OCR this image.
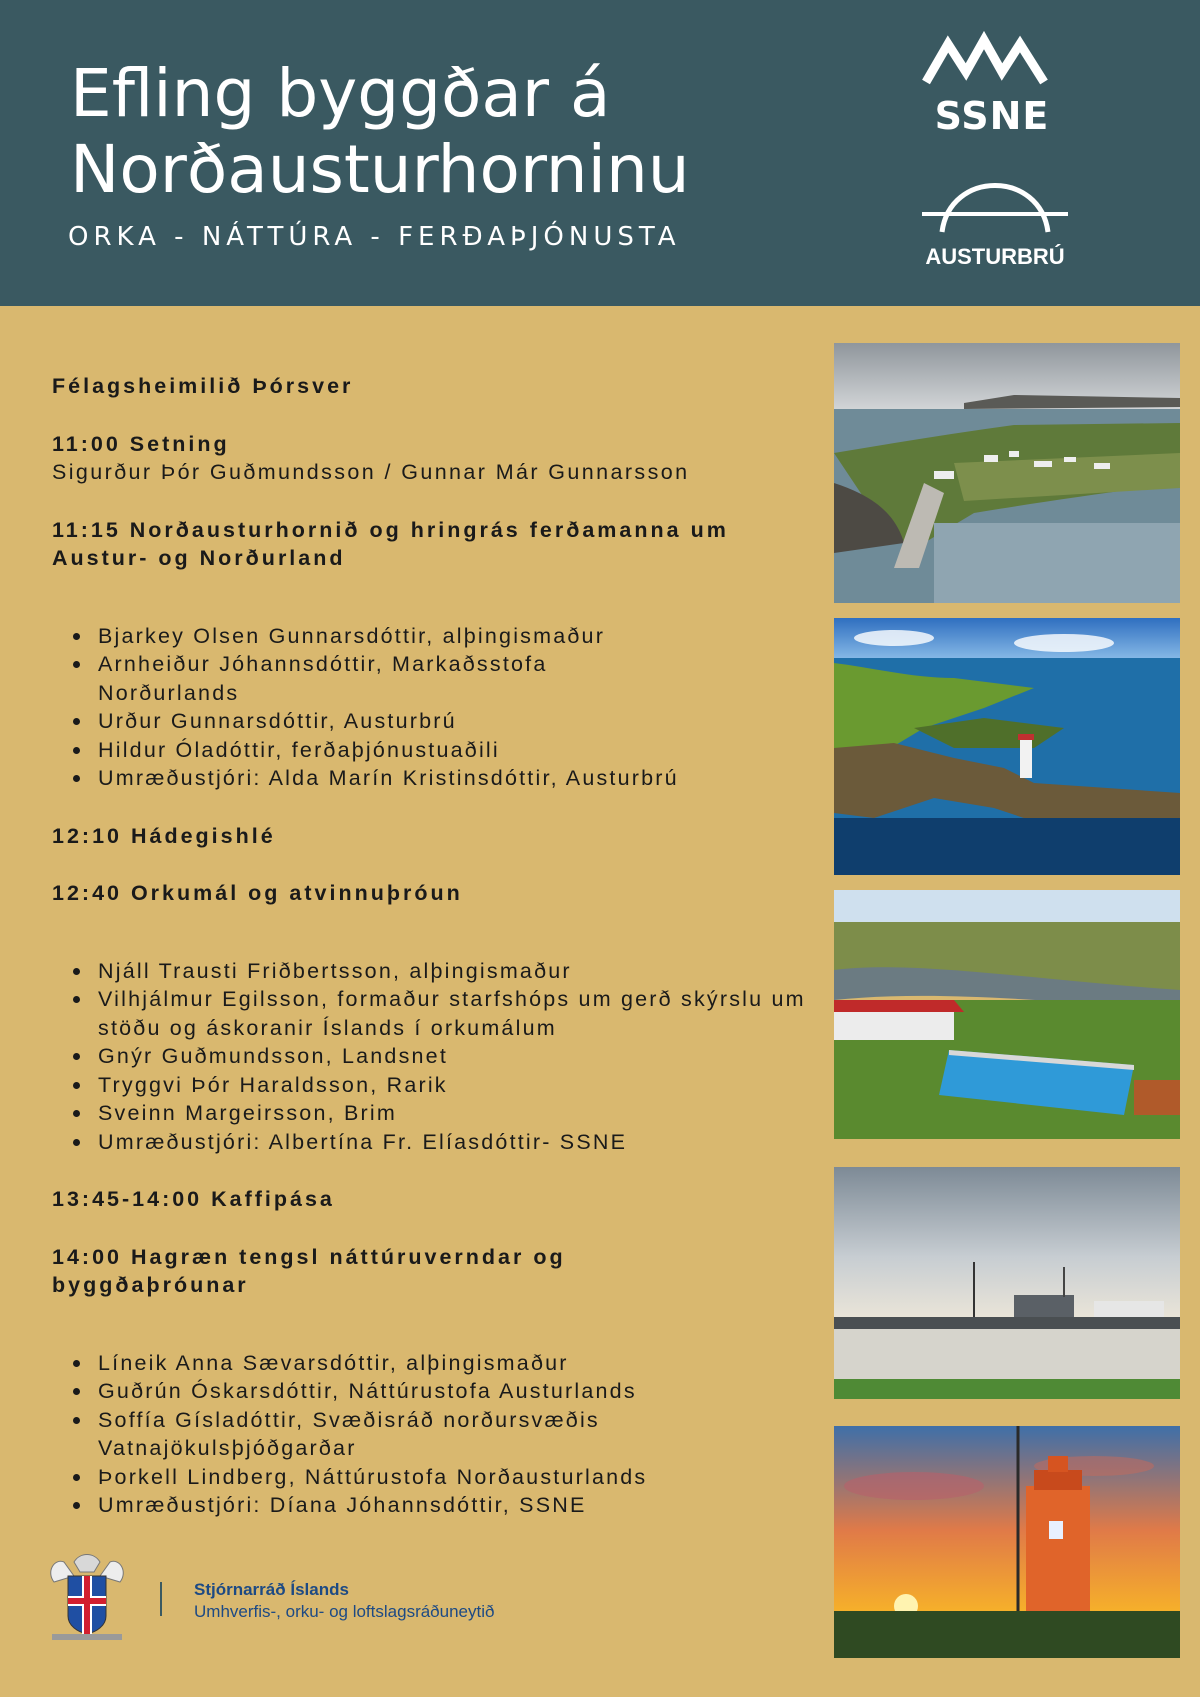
Efling byggðar á
Norðausturhorninu
ORKA - NÁTTÚRA - FERÐAÞJÓNUSTA
SSNE
AUSTURBRÚ
Félagsheimilið Þórsver
11:00 Setning
Sigurður Þór Guðmundsson / Gunnar Már Gunnarsson
11:15 Norðausturhornið og hringrás ferðamanna um
Austur- og Norðurland
Bjarkey Olsen Gunnarsdóttir, alþingismaður
Arnheiður Jóhannsdóttir, Markaðsstofa Norðurlands
Urður Gunnarsdóttir, Austurbrú
Hildur Óladóttir, ferðaþjónustuaðili
Umræðustjóri: Alda Marín Kristinsdóttir, Austurbrú
12:10 Hádegishlé
12:40 Orkumál og atvinnuþróun
Njáll Trausti Friðbertsson, alþingismaður
Vilhjálmur Egilsson, formaður starfshóps um gerð skýrslu um stöðu og áskoranir Íslands í orkumálum
Gnýr Guðmundsson, Landsnet
Tryggvi Þór Haraldsson, Rarik
Sveinn Margeirsson, Brim
Umræðustjóri: Albertína Fr. Elíasdóttir- SSNE
13:45-14:00 Kaffipása
14:00 Hagræn tengsl náttúruverndar og
byggðaþróunar
Líneik Anna Sævarsdóttir, alþingismaður
Guðrún Óskarsdóttir, Náttúrustofa Austurlands
Soffía Gísladóttir, Svæðisráð norðursvæðis Vatnajökulsþjóðgarðar
Þorkell Lindberg, Náttúrustofa Norðausturlands
Umræðustjóri: Díana Jóhannsdóttir, SSNE
Stjórnarráð Íslands
Umhverfis-, orku- og loftslagsráðuneytið
